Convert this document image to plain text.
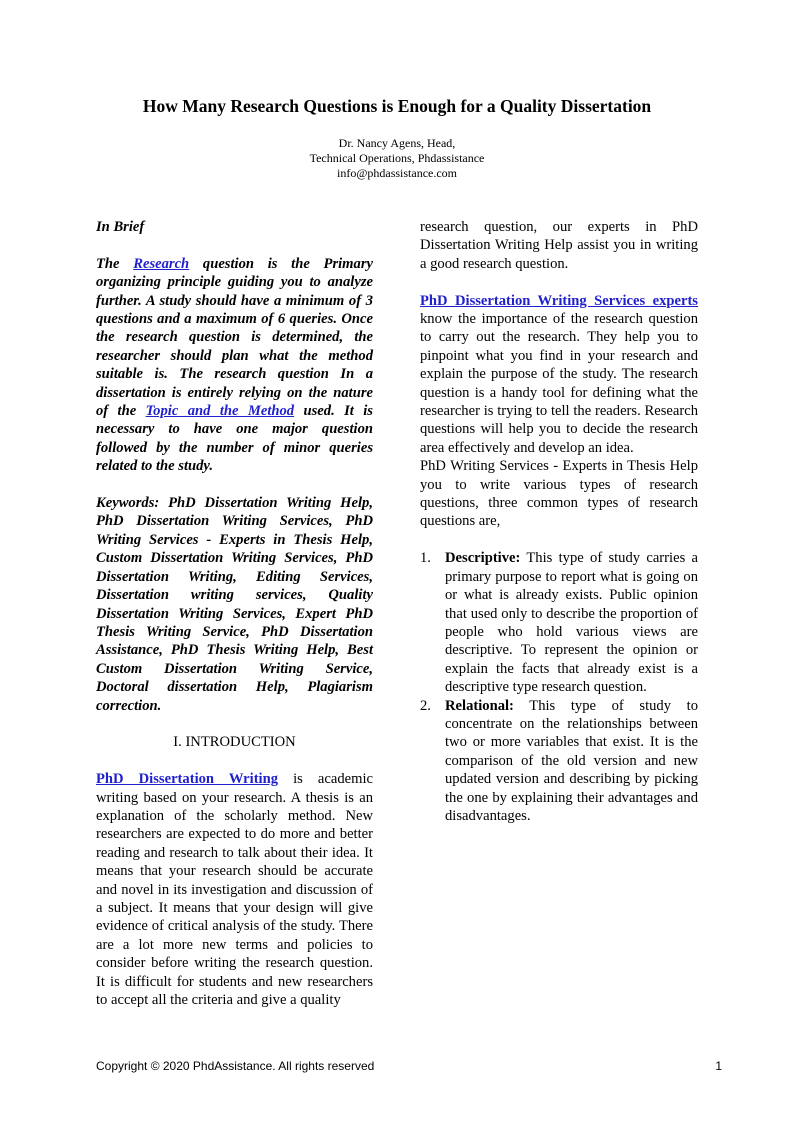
How Many Research Questions is Enough for a Quality Dissertation
Dr. Nancy Agens, Head,
Technical Operations, Phdassistance
info@phdassistance.com

In Brief

The Research question is the Primary organizing principle guiding you to analyze further. A study should have a minimum of 3 questions and a maximum of 6 queries. Once the research question is determined, the researcher should plan what the method suitable is. The research question In a dissertation is entirely relying on the nature of the Topic and the Method used. It is necessary to have one major question followed by the number of minor queries related to the study.

Keywords: PhD Dissertation Writing Help, PhD Dissertation Writing Services, PhD Writing Services - Experts in Thesis Help, Custom Dissertation Writing Services, PhD Dissertation Writing, Editing Services, Dissertation writing services, Quality Dissertation Writing Services, Expert PhD Thesis Writing Service, PhD Dissertation Assistance, PhD Thesis Writing Help, Best Custom Dissertation Writing Service, Doctoral dissertation Help, Plagiarism correction.

I. INTRODUCTION

PhD Dissertation Writing is academic writing based on your research. A thesis is an explanation of the scholarly method. New researchers are expected to do more and better reading and research to talk about their idea. It means that your research should be accurate and novel in its investigation and discussion of a subject. It means that your design will give evidence of critical analysis of the study. There are a lot more new terms and policies to consider before writing the research question. It is difficult for students and new researchers to accept all the criteria and give a quality

research question, our experts in PhD Dissertation Writing Help assist you in writing a good research question.

PhD Dissertation Writing Services experts know the importance of the research question to carry out the research. They help you to pinpoint what you find in your research and explain the purpose of the study. The research question is a handy tool for defining what the researcher is trying to tell the readers. Research questions will help you to decide the research area effectively and develop an idea.

PhD Writing Services - Experts in Thesis Help you to write various types of research questions, three common types of research questions are,

1. Descriptive: This type of study carries a primary purpose to report what is going on or what is already exists. Public opinion that used only to describe the proportion of people who hold various views are descriptive. To represent the opinion or explain the facts that already exist is a descriptive type research question.
2. Relational: This type of study to concentrate on the relationships between two or more variables that exist. It is the comparison of the old version and new updated version and describing by picking the one by explaining their advantages and disadvantages.
Copyright © 2020 PhdAssistance. All rights reserved	1
